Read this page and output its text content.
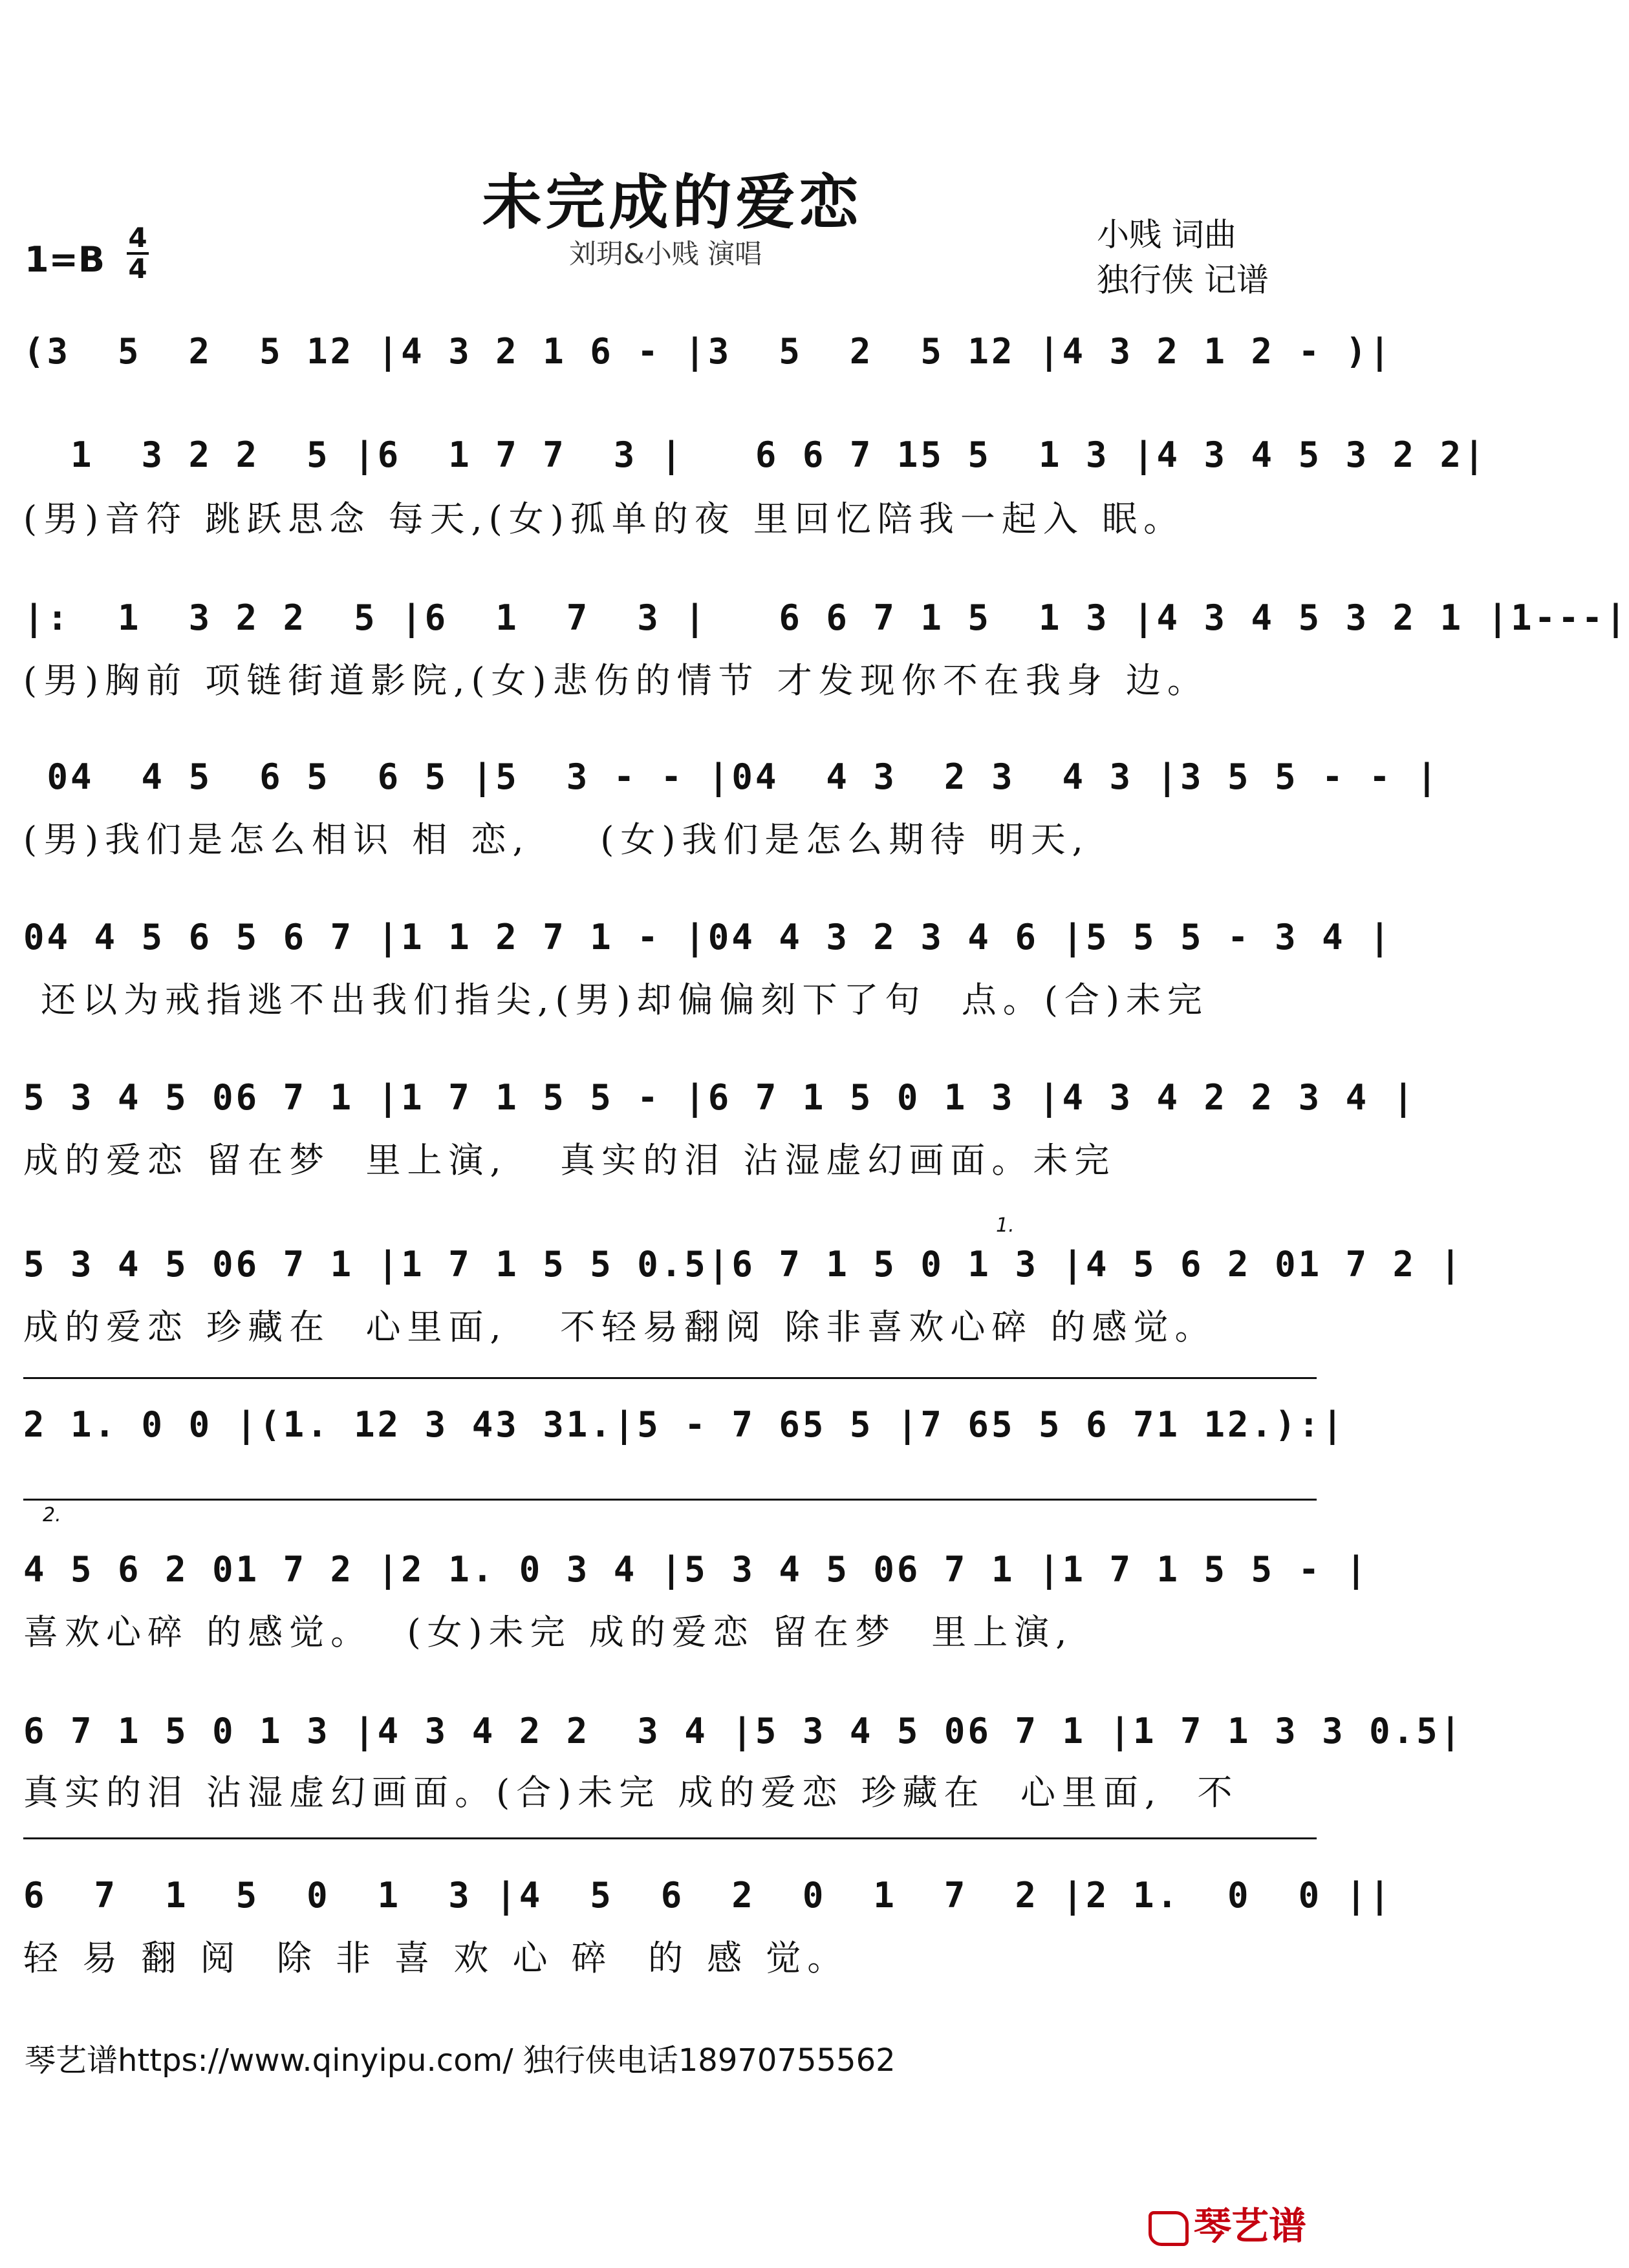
未完成的爱恋
刘玥&小贱 演唱
小贱 词曲
独行侠 记谱
1=B
4
4
(3  5  2  5 12 |4 3 2 1 6 - |3  5  2  5 12 |4 3 2 1 2 - )|
1  3 2 2  5 |6  1 7 7  3 |   6 6 7 15 5  1 3 |4 3 4 5 3 2 2|
(男)音符 跳跃思念 每天,(女)孤单的夜 里回忆陪我一起入 眠。
|:  1  3 2 2  5 |6  1  7  3 |   6 6 7 1 5  1 3 |4 3 4 5 3 2 1 |1---|
(男)胸前 项链街道影院,(女)悲伤的情节 才发现你不在我身 边。
04  4 5  6 5  6 5 |5  3 - - |04  4 3  2 3  4 3 |3 5 5 - - |
(男)我们是怎么相识 相 恋,    (女)我们是怎么期待 明天,
04 4 5 6 5 6 7 |1 1 2 7 1 - |04 4 3 2 3 4 6 |5 5 5 - 3 4 |
还以为戒指逃不出我们指尖,(男)却偏偏刻下了句  点。(合)未完
5 3 4 5 06 7 1 |1 7 1 5 5 - |6 7 1 5 0 1 3 |4 3 4 2 2 3 4 |
成的爱恋 留在梦  里上演,   真实的泪 沾湿虚幻画面。未完
1.
5 3 4 5 06 7 1 |1 7 1 5 5 0.5|6 7 1 5 0 1 3 |4 5 6 2 01 7 2 |
成的爱恋 珍藏在  心里面,   不轻易翻阅 除非喜欢心碎 的感觉。
2 1. 0 0 |(1. 12 3 43 31.|5 - 7 65 5 |7 65 5 6 71 12.):|
2.
4 5 6 2 01 7 2 |2 1. 0 3 4 |5 3 4 5 06 7 1 |1 7 1 5 5 - |
喜欢心碎 的感觉。  (女)未完 成的爱恋 留在梦  里上演,
6 7 1 5 0 1 3 |4 3 4 2 2  3 4 |5 3 4 5 06 7 1 |1 7 1 3 3 0.5|
真实的泪 沾湿虚幻画面。(合)未完 成的爱恋 珍藏在  心里面,  不
6  7  1  5  0  1  3 |4  5  6  2  0  1  7  2 |2 1.  0  0 ||
轻 易 翻 阅  除 非 喜 欢 心 碎  的 感 觉。
琴艺谱https://www.qinyipu.com/ 独行侠电话18970755562
琴艺谱
